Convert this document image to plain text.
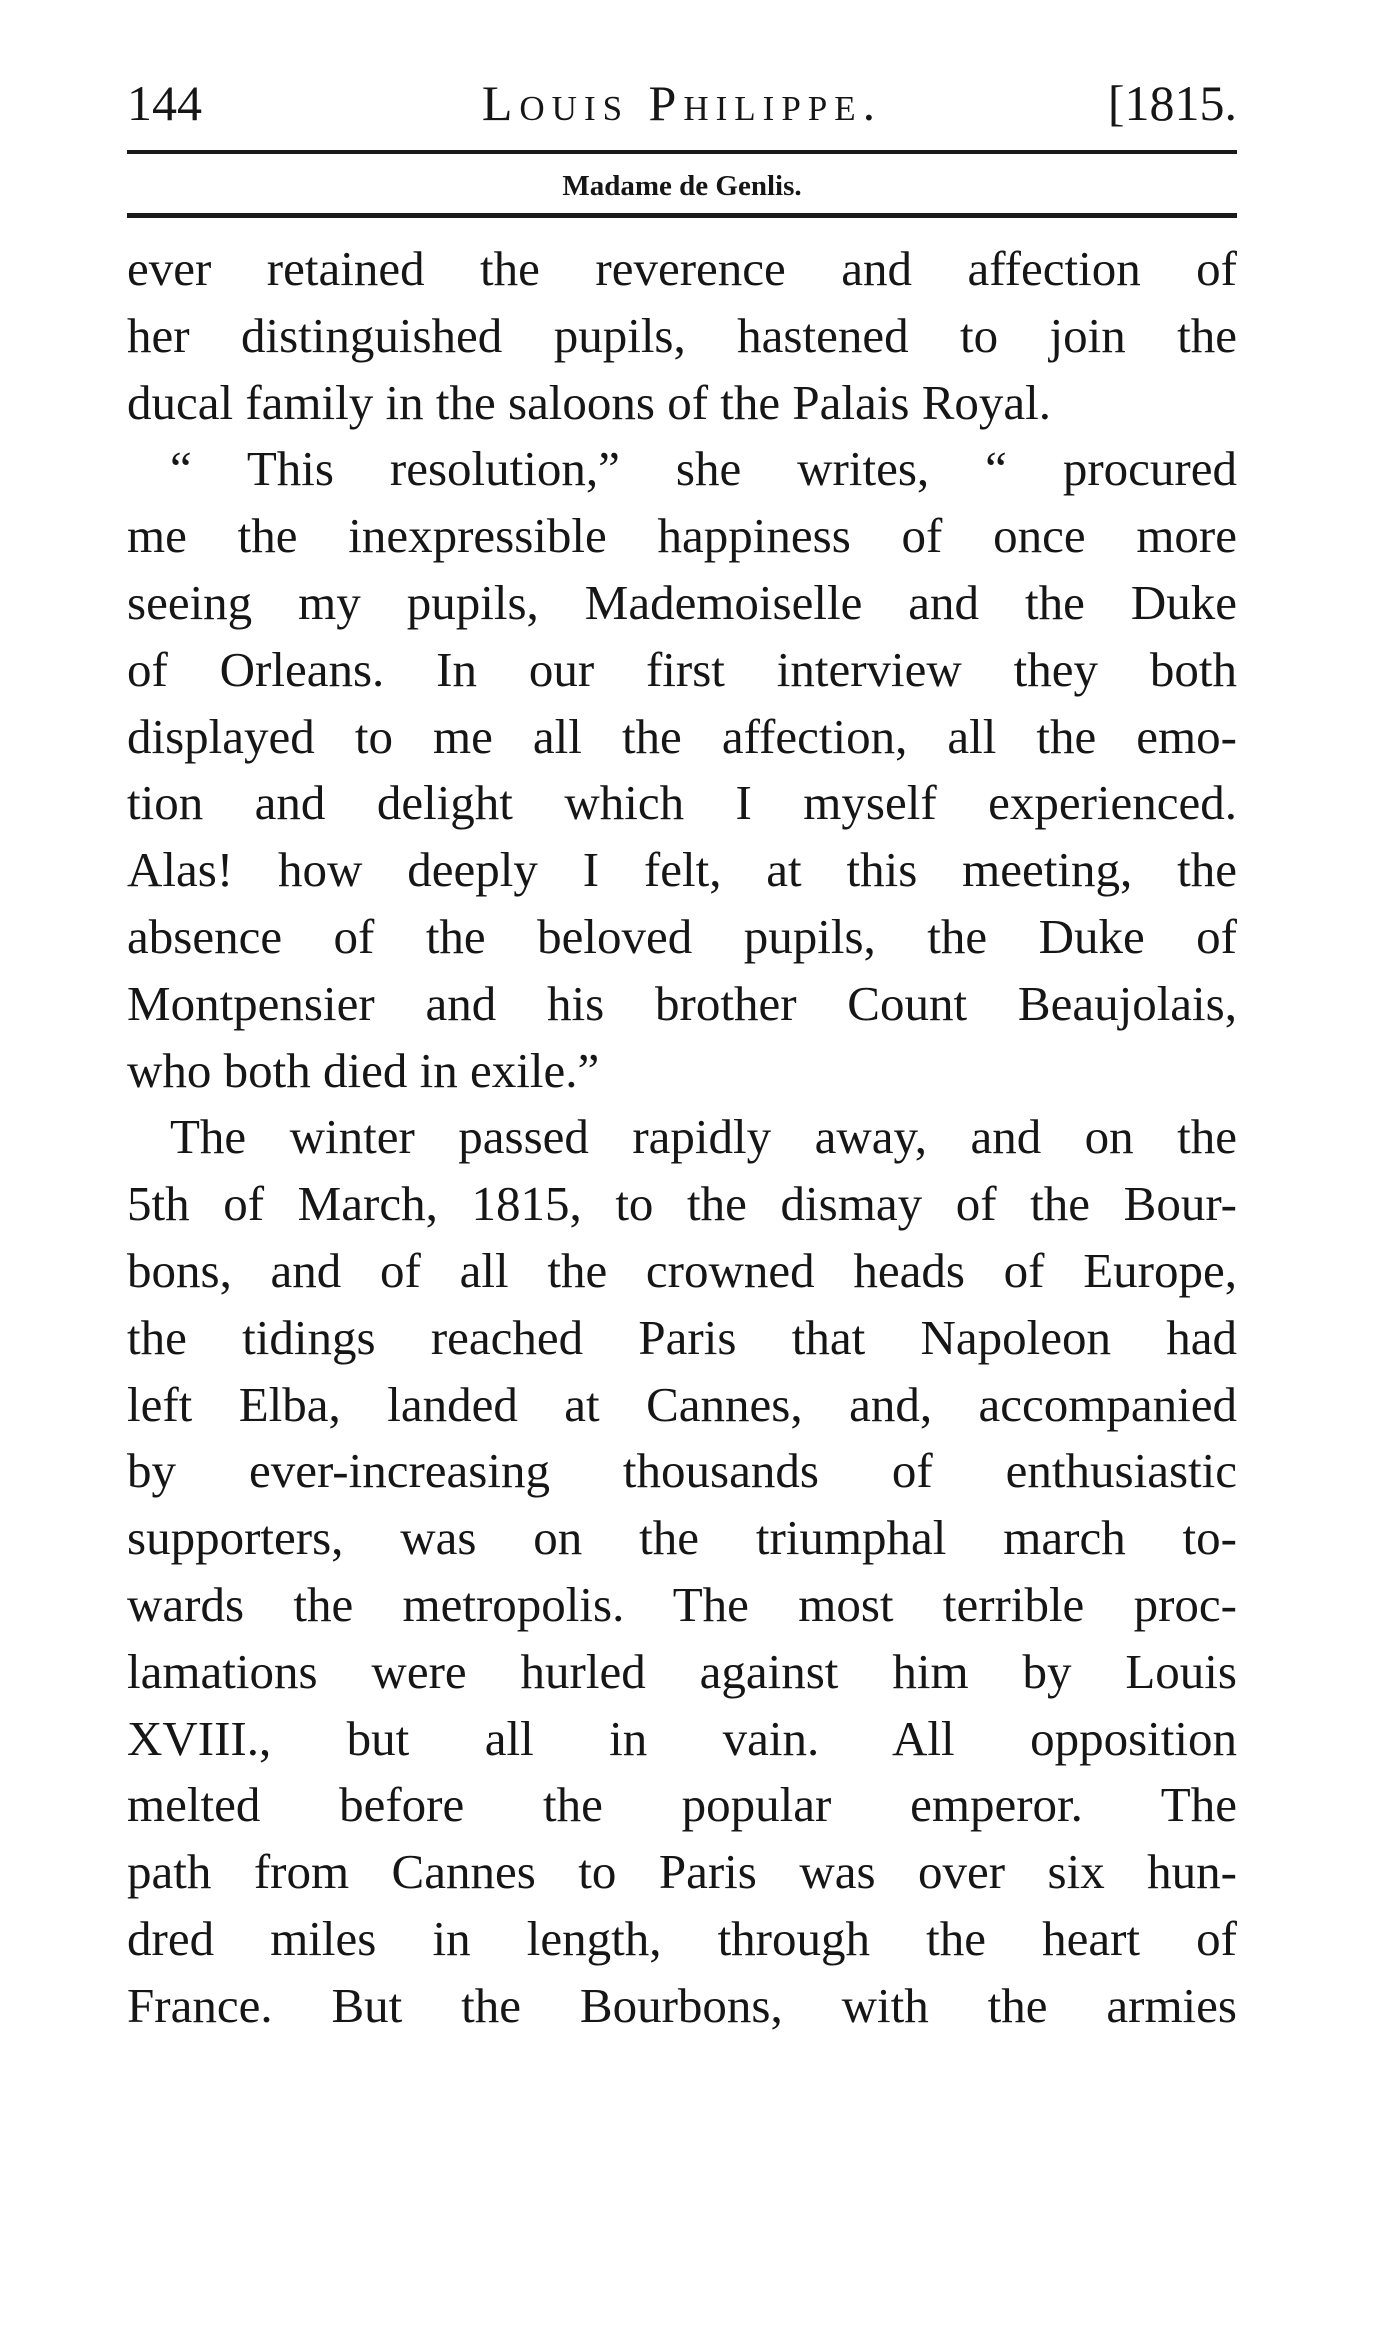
144	Louis Philippe.	[1815.
Madame de Genlis.
ever retained the reverence and affection of
her distinguished pupils, hastened to join the
ducal family in the saloons of the Palais Royal.
“ This resolution,” she writes, “ procured
me the inexpressible happiness of once more
seeing my pupils, Mademoiselle and the Duke
of Orleans. In our first interview they both
displayed to me all the affection, all the emo-
tion and delight which I myself experienced.
Alas! how deeply I felt, at this meeting, the
absence of the beloved pupils, the Duke of
Montpensier and his brother Count Beaujolais,
who both died in exile.”
The winter passed rapidly away, and on the
5th of March, 1815, to the dismay of the Bour-
bons, and of all the crowned heads of Europe,
the tidings reached Paris that Napoleon had
left Elba, landed at Cannes, and, accompanied
by ever-increasing thousands of enthusiastic
supporters, was on the triumphal march to-
wards the metropolis. The most terrible proc-
lamations were hurled against him by Louis
XVIII., but all in vain. All opposition
melted before the popular emperor. The
path from Cannes to Paris was over six hun-
dred miles in length, through the heart of
France. But the Bourbons, with the armies
